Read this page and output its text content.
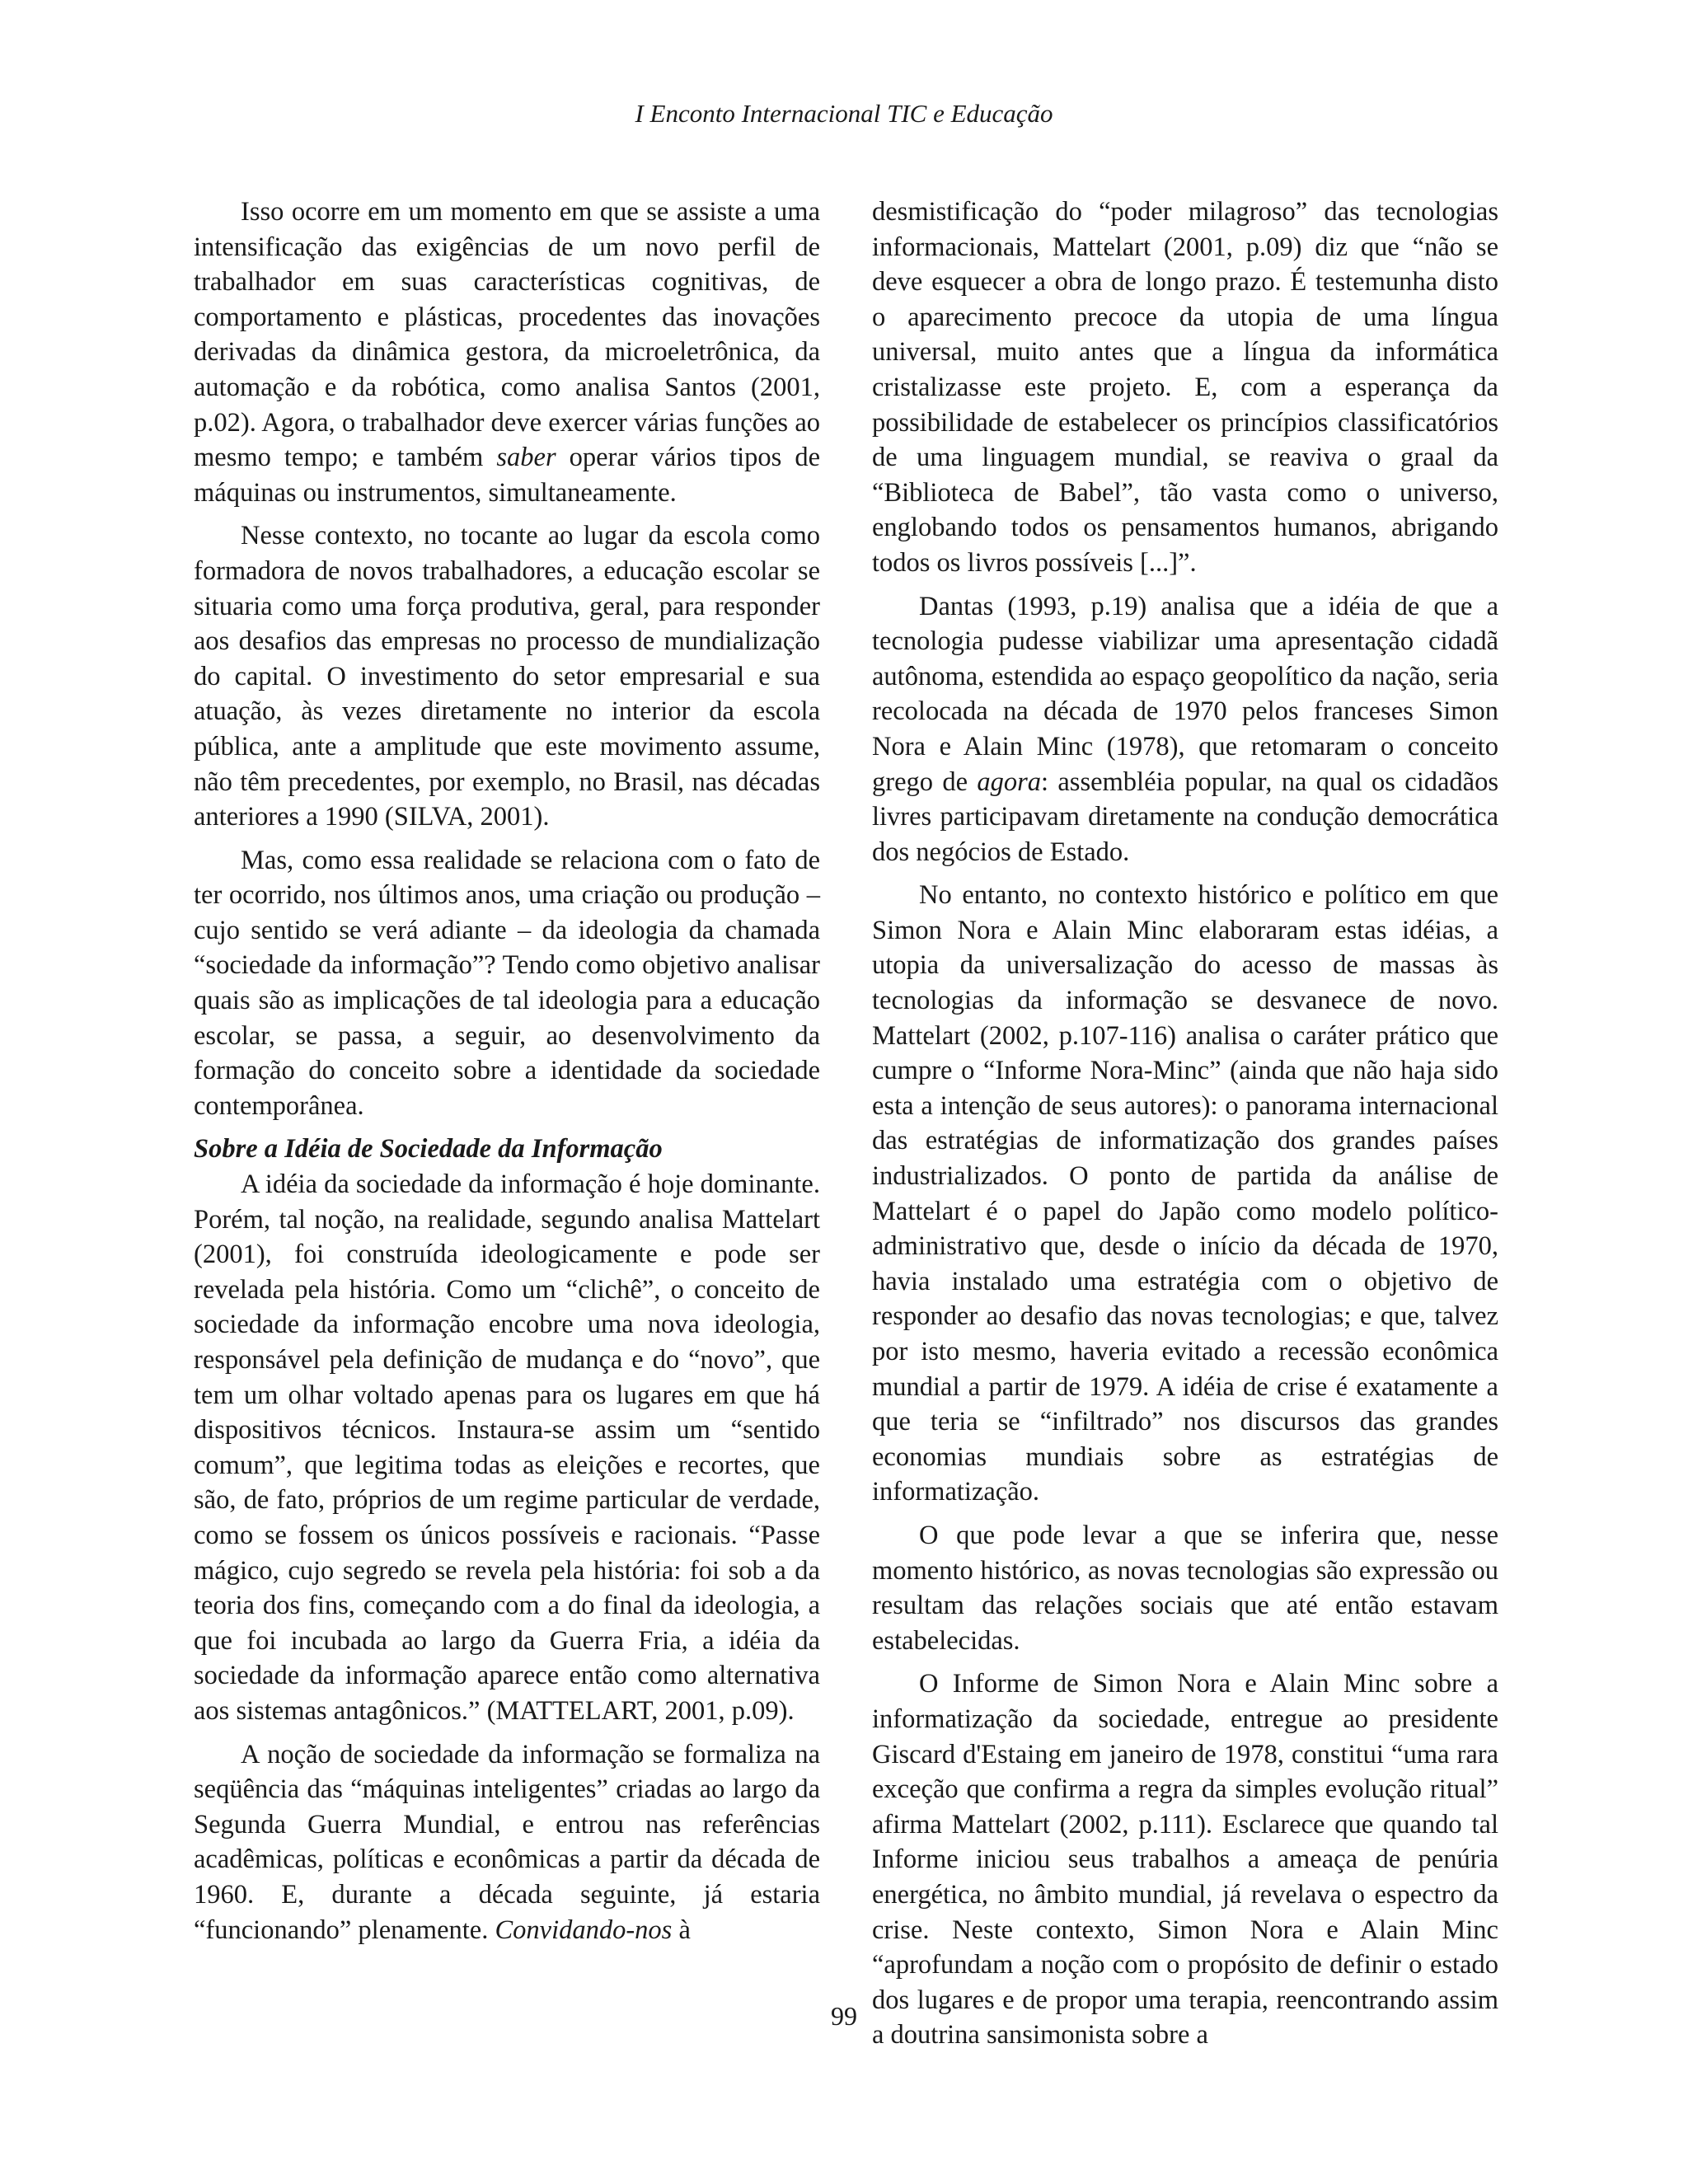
I Enconto Internacional TIC e Educação

Isso ocorre em um momento em que se assiste a uma intensificação das exigências de um novo perfil de trabalhador em suas características cognitivas, de comportamento e plásticas, procedentes das inovações derivadas da dinâmica gestora, da microeletrônica, da automação e da robótica, como analisa Santos (2001, p.02). Agora, o trabalhador deve exercer várias funções ao mesmo tempo; e também saber operar vários tipos de máquinas ou instrumentos, simultaneamente.

Nesse contexto, no tocante ao lugar da escola como formadora de novos trabalhadores, a educação escolar se situaria como uma força produtiva, geral, para responder aos desafios das empresas no processo de mundialização do capital. O investimento do setor empresarial e sua atuação, às vezes diretamente no interior da escola pública, ante a amplitude que este movimento assume, não têm precedentes, por exemplo, no Brasil, nas décadas anteriores a 1990 (SILVA, 2001).

Mas, como essa realidade se relaciona com o fato de ter ocorrido, nos últimos anos, uma criação ou produção – cujo sentido se verá adiante – da ideologia da chamada “sociedade da informação”? Tendo como objetivo analisar quais são as implicações de tal ideologia para a educação escolar, se passa, a seguir, ao desenvolvimento da formação do conceito sobre a identidade da sociedade contemporânea.

Sobre a Idéia de Sociedade da Informação

A idéia da sociedade da informação é hoje dominante. Porém, tal noção, na realidade, segundo analisa Mattelart (2001), foi construída ideologicamente e pode ser revelada pela história. Como um “clichê”, o conceito de sociedade da informação encobre uma nova ideologia, responsável pela definição de mudança e do “novo”, que tem um olhar voltado apenas para os lugares em que há dispositivos técnicos. Instaura-se assim um “sentido comum”, que legitima todas as eleições e recortes, que são, de fato, próprios de um regime particular de verdade, como se fossem os únicos possíveis e racionais. “Passe mágico, cujo segredo se revela pela história: foi sob a da teoria dos fins, começando com a do final da ideologia, a que foi incubada ao largo da Guerra Fria, a idéia da sociedade da informação aparece então como alternativa aos sistemas antagônicos.” (MATTELART, 2001, p.09).

A noção de sociedade da informação se formaliza na seqüência das “máquinas inteligentes” criadas ao largo da Segunda Guerra Mundial, e entrou nas referências acadêmicas, políticas e econômicas a partir da década de 1960. E, durante a década seguinte, já estaria “funcionando” plenamente. Convidando-nos à

desmistificação do “poder milagroso” das tecnologias informacionais, Mattelart (2001, p.09) diz que “não se deve esquecer a obra de longo prazo. É testemunha disto o aparecimento precoce da utopia de uma língua universal, muito antes que a língua da informática cristalizasse este projeto. E, com a esperança da possibilidade de estabelecer os princípios classificatórios de uma linguagem mundial, se reaviva o graal da “Biblioteca de Babel”, tão vasta como o universo, englobando todos os pensamentos humanos, abrigando todos os livros possíveis [...]”.

Dantas (1993, p.19) analisa que a idéia de que a tecnologia pudesse viabilizar uma apresentação cidadã autônoma, estendida ao espaço geopolítico da nação, seria recolocada na década de 1970 pelos franceses Simon Nora e Alain Minc (1978), que retomaram o conceito grego de agora: assembléia popular, na qual os cidadãos livres participavam diretamente na condução democrática dos negócios de Estado.

No entanto, no contexto histórico e político em que Simon Nora e Alain Minc elaboraram estas idéias, a utopia da universalização do acesso de massas às tecnologias da informação se desvanece de novo. Mattelart (2002, p.107-116) analisa o caráter prático que cumpre o “Informe Nora-Minc” (ainda que não haja sido esta a intenção de seus autores): o panorama internacional das estratégias de informatização dos grandes países industrializados. O ponto de partida da análise de Mattelart é o papel do Japão como modelo político-administrativo que, desde o início da década de 1970, havia instalado uma estratégia com o objetivo de responder ao desafio das novas tecnologias; e que, talvez por isto mesmo, haveria evitado a recessão econômica mundial a partir de 1979. A idéia de crise é exatamente a que teria se “infiltrado” nos discursos das grandes economias mundiais sobre as estratégias de informatização.

O que pode levar a que se inferira que, nesse momento histórico, as novas tecnologias são expressão ou resultam das relações sociais que até então estavam estabelecidas.

O Informe de Simon Nora e Alain Minc sobre a informatização da sociedade, entregue ao presidente Giscard d'Estaing em janeiro de 1978, constitui “uma rara exceção que confirma a regra da simples evolução ritual” afirma Mattelart (2002, p.111). Esclarece que quando tal Informe iniciou seus trabalhos a ameaça de penúria energética, no âmbito mundial, já revelava o espectro da crise. Neste contexto, Simon Nora e Alain Minc “aprofundam a noção com o propósito de definir o estado dos lugares e de propor uma terapia, reencontrando assim a doutrina sansimonista sobre a

99
